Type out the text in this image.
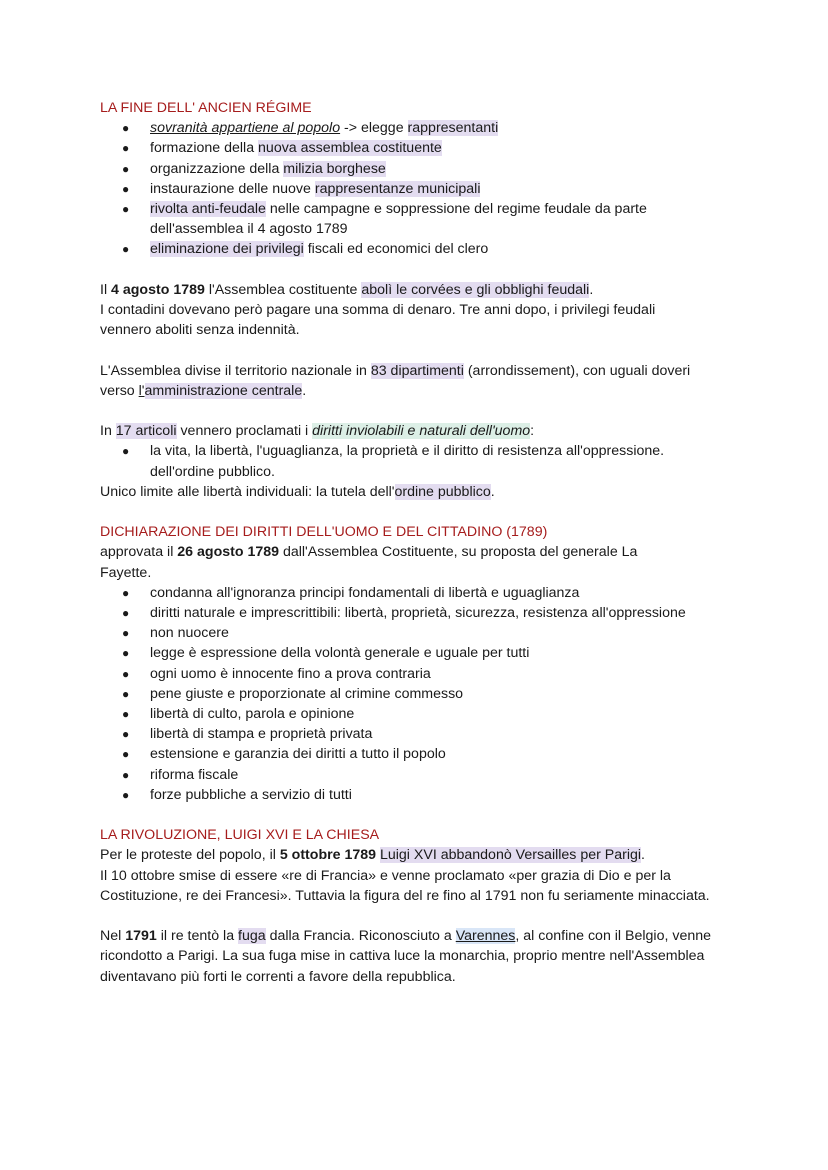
LA FINE DELL' ANCIEN RÉGIME
● sovranità appartiene al popolo -> elegge rappresentanti
● formazione della nuova assemblea costituente
● organizzazione della milizia borghese
● instaurazione delle nuove rappresentanze municipali
● rivolta anti-feudale nelle campagne e soppressione del regime feudale da parte dell'assemblea il 4 agosto 1789
● eliminazione dei privilegi fiscali ed economici del clero
Il 4 agosto 1789 l'Assemblea costituente abolì le corvées e gli obblighi feudali.
I contadini dovevano però pagare una somma di denaro. Tre anni dopo, i privilegi feudali vennero aboliti senza indennità.
L'Assemblea divise il territorio nazionale in 83 dipartimenti (arrondissement), con uguali doveri verso l'amministrazione centrale.
In 17 articoli vennero proclamati i diritti inviolabili e naturali dell'uomo:
● la vita, la libertà, l'uguaglianza, la proprietà e il diritto di resistenza all'oppressione. dell'ordine pubblico.
Unico limite alle libertà individuali: la tutela dell'ordine pubblico.
DICHIARAZIONE DEI DIRITTI DELL'UOMO E DEL CITTADINO (1789)
approvata il 26 agosto 1789 dall'Assemblea Costituente, su proposta del generale La Fayette.
● condanna all'ignoranza principi fondamentali di libertà e uguaglianza
● diritti naturale e imprescrittibili: libertà, proprietà, sicurezza, resistenza all'oppressione
● non nuocere
● legge è espressione della volontà generale e uguale per tutti
● ogni uomo è innocente fino a prova contraria
● pene giuste e proporzionate al crimine commesso
● libertà di culto, parola e opinione
● libertà di stampa e proprietà privata
● estensione e garanzia dei diritti a tutto il popolo
● riforma fiscale
● forze pubbliche a servizio di tutti
LA RIVOLUZIONE, LUIGI XVI E LA CHIESA
Per le proteste del popolo, il 5 ottobre 1789 Luigi XVI abbandonò Versailles per Parigi.
Il 10 ottobre smise di essere «re di Francia» e venne proclamato «per grazia di Dio e per la Costituzione, re dei Francesi». Tuttavia la figura del re fino al 1791 non fu seriamente minacciata.
Nel 1791 il re tentò la fuga dalla Francia. Riconosciuto a Varennes, al confine con il Belgio, venne ricondotto a Parigi. La sua fuga mise in cattiva luce la monarchia, proprio mentre nell'Assemblea diventavano più forti le correnti a favore della repubblica.
